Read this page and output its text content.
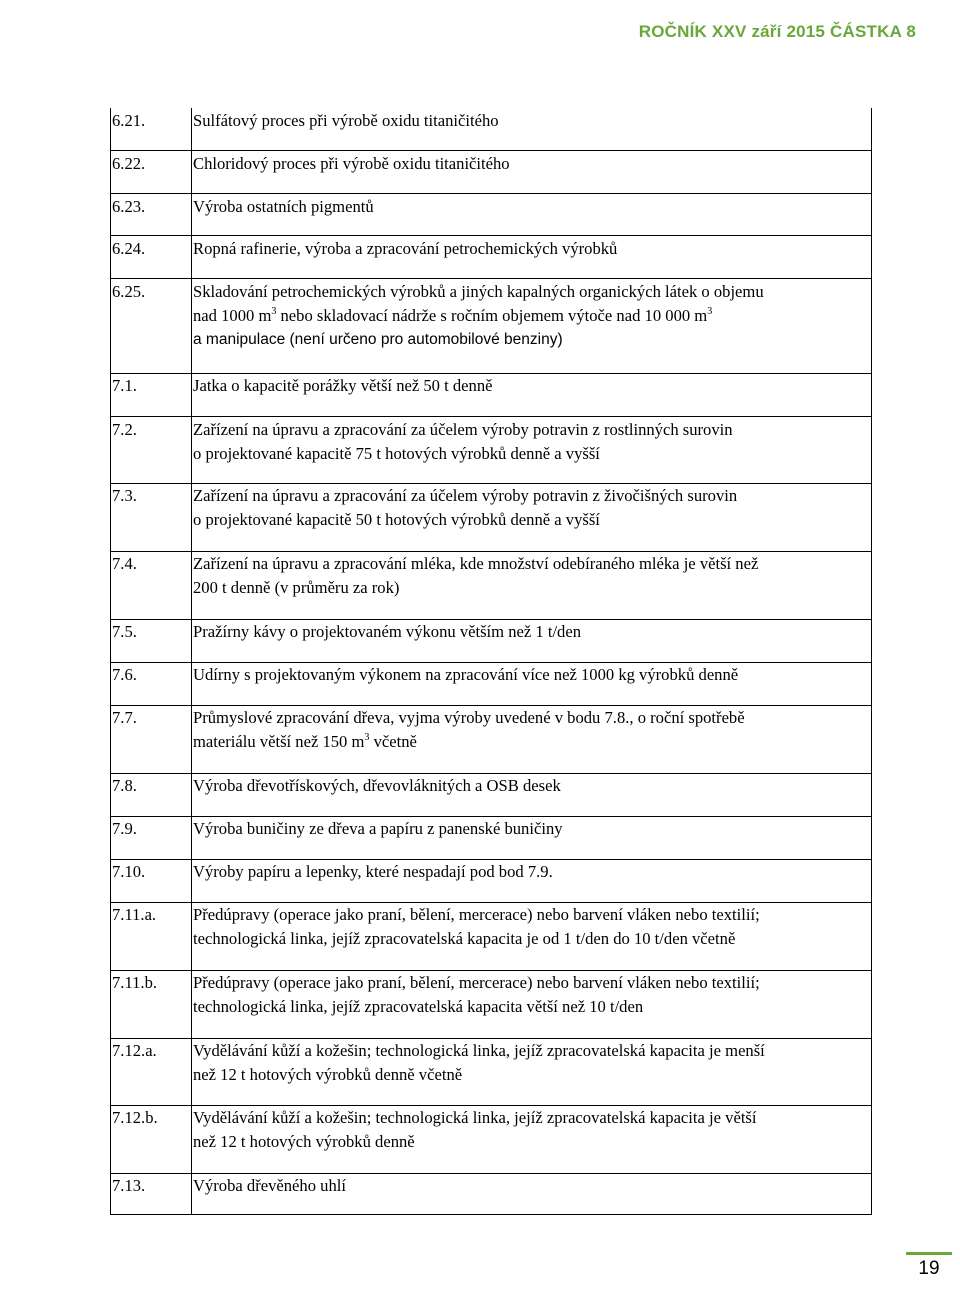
ROČNÍK XXV září 2015 ČÁSTKA 8
6.21.	Sulfátový proces při výrobě oxidu titaničitého
6.22.	Chloridový proces při výrobě oxidu titaničitého
6.23.	Výroba ostatních pigmentů
6.24.	Ropná rafinerie, výroba a zpracování petrochemických výrobků
6.25.	Skladování petrochemických výrobků a jiných kapalných organických látek o objemu
nad 1000 $m^3$ nebo skladovací nádrže s ročním objemem výtoče nad 10 000 $m^3$
a manipulace (není určeno pro automobilové benziny)
7.1.	Jatka o kapacitě porážky větší než 50 t denně
7.2.	Zařízení na úpravu a zpracování za účelem výroby potravin z rostlinných surovin
o projektované kapacitě 75 t hotových výrobků denně a vyšší
7.3.	Zařízení na úpravu a zpracování za účelem výroby potravin z živočišných surovin
o projektované kapacitě 50 t hotových výrobků denně a vyšší
7.4.	Zařízení na úpravu a zpracování mléka, kde množství odebíraného mléka je větší než
200 t denně (v průměru za rok)
7.5.	Pražírny kávy o projektovaném výkonu větším než 1 t/den
7.6.	Udírny s projektovaným výkonem na zpracování více než 1000 kg výrobků denně
7.7.	Průmyslové zpracování dřeva, vyjma výroby uvedené v bodu 7.8., o roční spotřebě
materiálu větší než 150 $m^3$ včetně
7.8.	Výroba dřevotřískových, dřevovláknitých a OSB desek
7.9.	Výroba buničiny ze dřeva a papíru z panenské buničiny
7.10.	Výroby papíru a lepenky, které nespadají pod bod 7.9.
7.11.a. Předúpravy (operace jako praní, bělení, mercerace) nebo barvení vláken nebo textilií;
technologická linka, jejíž zpracovatelská kapacita je od 1 t/den do 10 t/den včetně
7.11.b. Předúpravy (operace jako praní, bělení, mercerace) nebo barvení vláken nebo textilií;
technologická linka, jejíž zpracovatelská kapacita větší než 10 t/den
7.12.a. Vydělávání kůží a kožešin; technologická linka, jejíž zpracovatelská kapacita je menší
než 12 t hotových výrobků denně včetně
7.12.b. Vydělávání kůží a kožešin; technologická linka, jejíž zpracovatelská kapacita je větší
než 12 t hotových výrobků denně
7.13.	Výroba dřevěného uhlí
19
